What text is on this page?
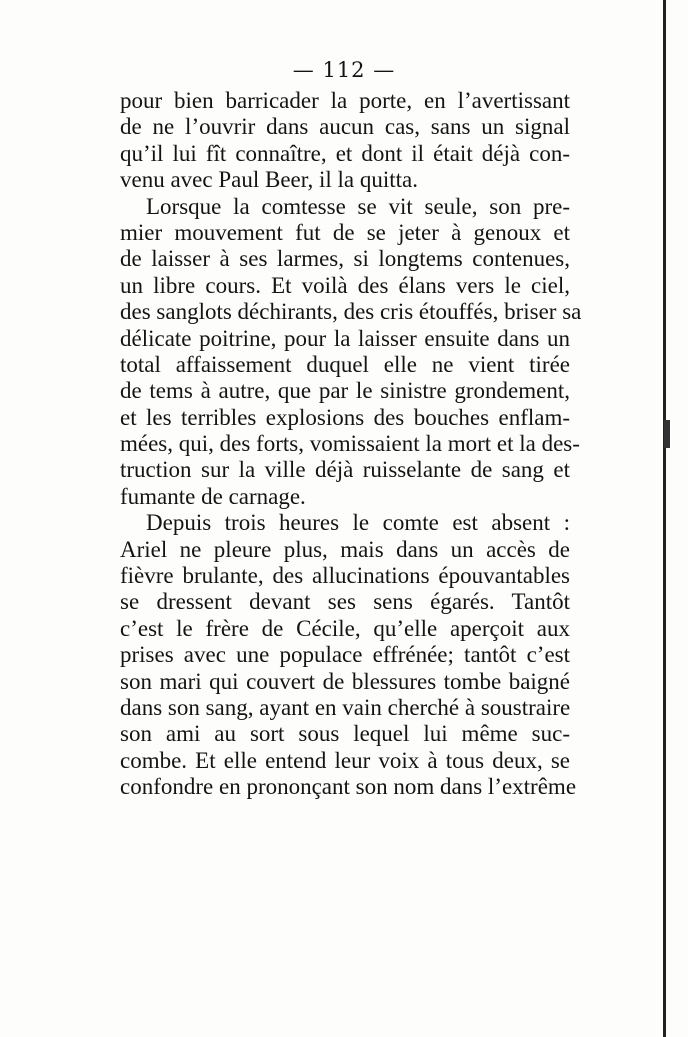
— 112 —
pour bien barricader la porte, en l’avertissant
de ne l’ouvrir dans aucun cas, sans un signal
qu’il lui fît connaître, et dont il était déjà con-
venu avec Paul Beer, il la quitta.
Lorsque la comtesse se vit seule, son pre-
mier mouvement fut de se jeter à genoux et
de laisser à ses larmes, si longtems contenues,
un libre cours. Et voilà des élans vers le ciel,
des sanglots déchirants, des cris étouffés, briser sa
délicate poitrine, pour la laisser ensuite dans un
total affaissement duquel elle ne vient tirée
de tems à autre, que par le sinistre grondement,
et les terribles explosions des bouches enflam-
mées, qui, des forts, vomissaient la mort et la des-
truction sur la ville déjà ruisselante de sang et
fumante de carnage.
Depuis trois heures le comte est absent :
Ariel ne pleure plus, mais dans un accès de
fièvre brulante, des allucinations épouvantables
se dressent devant ses sens égarés. Tantôt
c’est le frère de Cécile, qu’elle aperçoit aux
prises avec une populace effrénée; tantôt c’est
son mari qui couvert de blessures tombe baigné
dans son sang, ayant en vain cherché à soustraire
son ami au sort sous lequel lui même suc-
combe. Et elle entend leur voix à tous deux, se
confondre en prononçant son nom dans l’extrême
